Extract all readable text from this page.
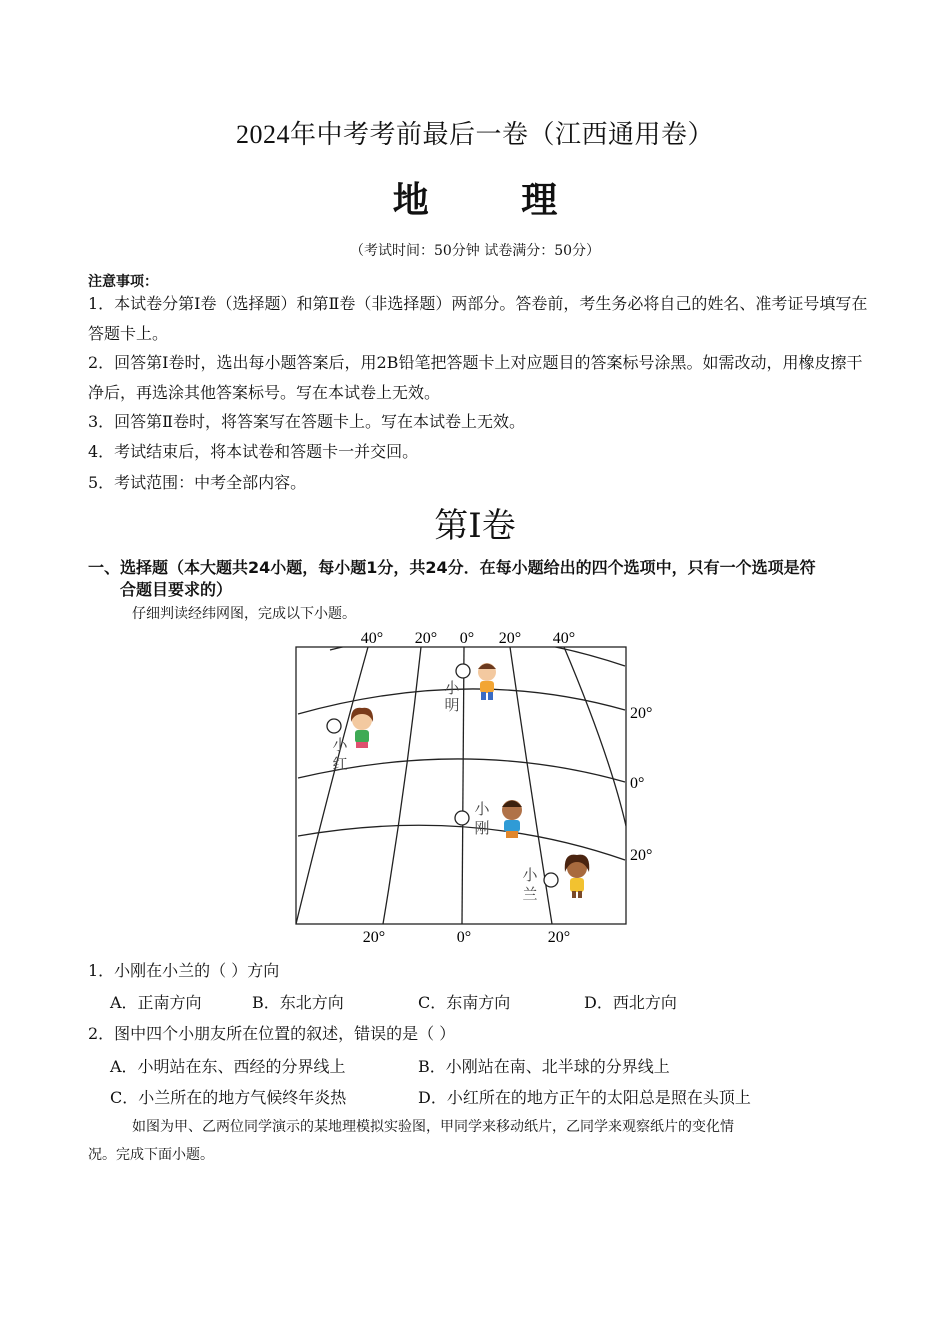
2024年中考考前最后一卷（江西通用卷）
地 理
（考试时间：50分钟 试卷满分：50分）
注意事项：
1．本试卷分第Ⅰ卷（选择题）和第Ⅱ卷（非选择题）两部分。答卷前，考生务必将自己的姓名、准考证号填写在答题卡上。
2．回答第Ⅰ卷时，选出每小题答案后，用2B铅笔把答题卡上对应题目的答案标号涂黑。如需改动，用橡皮擦干净后，再选涂其他答案标号。写在本试卷上无效。
3．回答第Ⅱ卷时，将答案写在答题卡上。写在本试卷上无效。
4．考试结束后，将本试卷和答题卡一并交回。
5．考试范围：中考全部内容。
第Ⅰ卷
一、选择题（本大题共24小题，每小题1分，共24分．在每小题给出的四个选项中，只有一个选项是符
合题目要求的）
仔细判读经纬网图，完成以下小题。
40° 20° 0° 20° 40°
20°
0°
20°
20°	0°	20°
小
明
小
红
小
刚
小
兰
1．小刚在小兰的（ ）方向
A．正南方向	B．东北方向	C．东南方向	D．西北方向
2．图中四个小朋友所在位置的叙述，错误的是（ ）
A．小明站在东、西经的分界线上	B．小刚站在南、北半球的分界线上
C．小兰所在的地方气候终年炎热	D．小红所在的地方正午的太阳总是照在头顶上
如图为甲、乙两位同学演示的某地理模拟实验图，甲同学来移动纸片，乙同学来观察纸片的变化情
况。完成下面小题。
